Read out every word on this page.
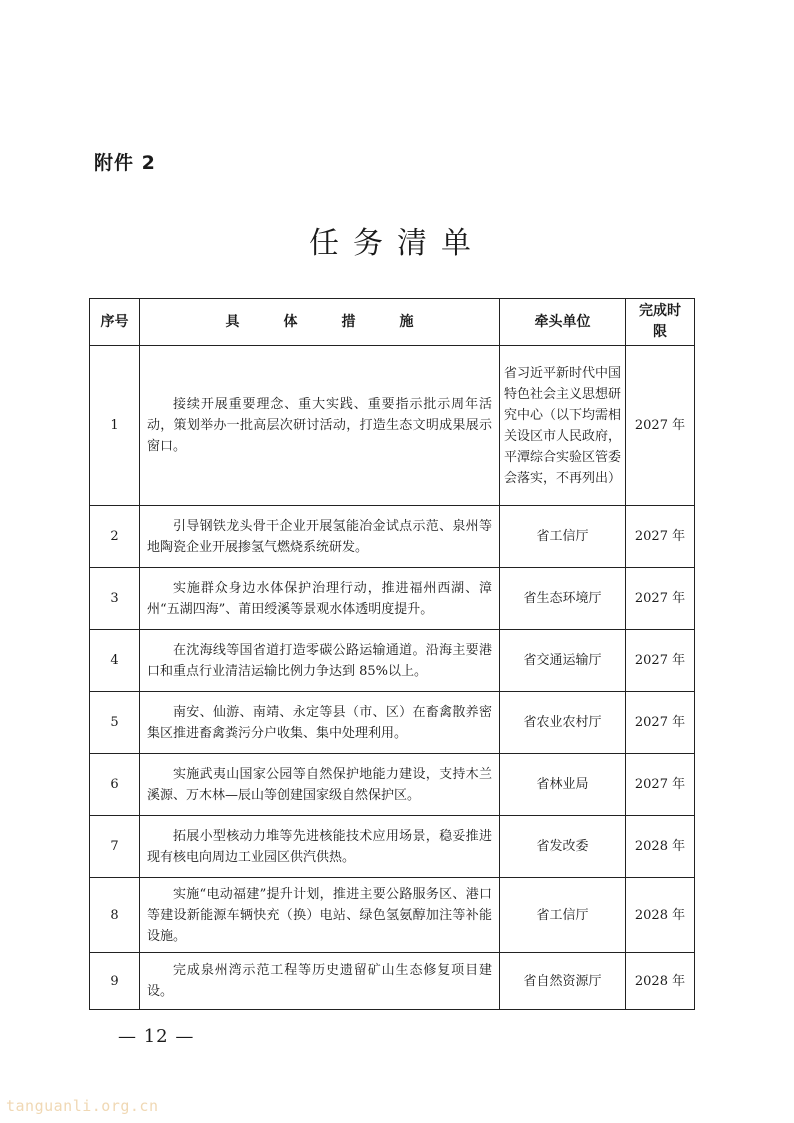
附件 2
任务清单
序号	具体措施	牵头单位	完成时限
1	接续开展重要理念、重大实践、重要指示批示周年活动，策划举办一批高层次研讨活动，打造生态文明成果展示窗口。	省习近平新时代中国特色社会主义思想研究中心（以下均需相关设区市人民政府，平潭综合实验区管委会落实，不再列出）	2027 年
2	引导钢铁龙头骨干企业开展氢能冶金试点示范、泉州等地陶瓷企业开展掺氢气燃烧系统研发。	省工信厅	2027 年
3	实施群众身边水体保护治理行动，推进福州西湖、漳州“五湖四海”、莆田绶溪等景观水体透明度提升。	省生态环境厅	2027 年
4	在沈海线等国省道打造零碳公路运输通道。沿海主要港口和重点行业清洁运输比例力争达到 85%以上。	省交通运输厅	2027 年
5	南安、仙游、南靖、永定等县（市、区）在畜禽散养密集区推进畜禽粪污分户收集、集中处理利用。	省农业农村厅	2027 年
6	实施武夷山国家公园等自然保护地能力建设，支持木兰溪源、万木林—辰山等创建国家级自然保护区。	省林业局	2027 年
7	拓展小型核动力堆等先进核能技术应用场景，稳妥推进现有核电向周边工业园区供汽供热。	省发改委	2028 年
8	实施“电动福建”提升计划，推进主要公路服务区、港口等建设新能源车辆快充（换）电站、绿色氢氨醇加注等补能设施。	省工信厅	2028 年
9	完成泉州湾示范工程等历史遗留矿山生态修复项目建设。	省自然资源厅	2028 年
— 12 —
tanguanli.org.cn
